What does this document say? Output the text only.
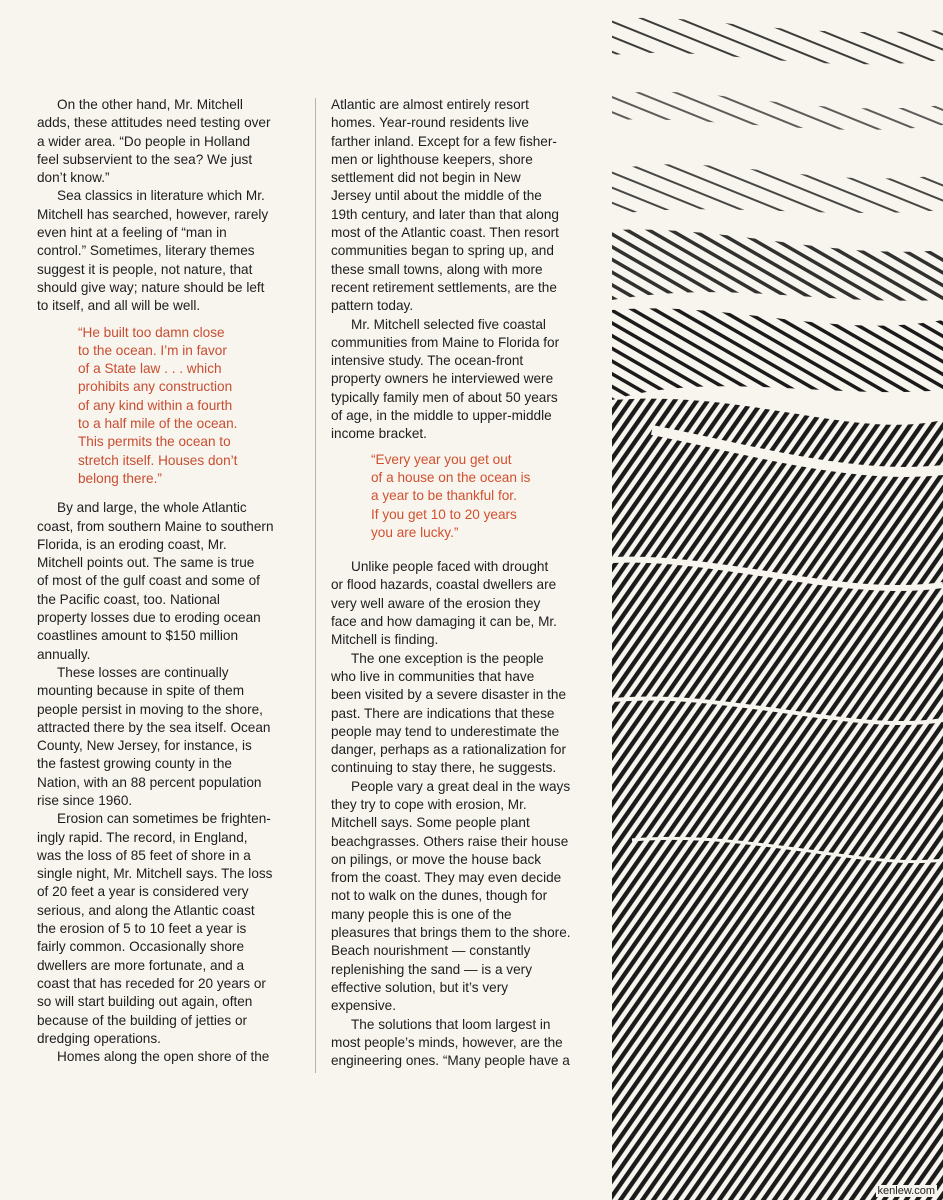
On the other hand, Mr. Mitchell
adds, these attitudes need testing over
a wider area. “Do people in Holland
feel subservient to the sea? We just
don’t know.”

Sea classics in literature which Mr.
Mitchell has searched, however, rarely
even hint at a feeling of “man in
control.” Sometimes, literary themes
suggest it is people, not nature, that
should give way; nature should be left
to itself, and all will be well.

“He built too damn close
to the ocean. I’m in favor
of a State law . . . which
prohibits any construction
of any kind within a fourth
to a half mile of the ocean.
This permits the ocean to
stretch itself. Houses don’t
belong there.”

By and large, the whole Atlantic
coast, from southern Maine to southern
Florida, is an eroding coast, Mr.
Mitchell points out. The same is true
of most of the gulf coast and some of
the Pacific coast, too. National
property losses due to eroding ocean
coastlines amount to $150 million
annually.

These losses are continually
mounting because in spite of them
people persist in moving to the shore,
attracted there by the sea itself. Ocean
County, New Jersey, for instance, is
the fastest growing county in the
Nation, with an 88 percent population
rise since 1960.

Erosion can sometimes be frighten-
ingly rapid. The record, in England,
was the loss of 85 feet of shore in a
single night, Mr. Mitchell says. The loss
of 20 feet a year is considered very
serious, and along the Atlantic coast
the erosion of 5 to 10 feet a year is
fairly common. Occasionally shore
dwellers are more fortunate, and a
coast that has receded for 20 years or
so will start building out again, often
because of the building of jetties or
dredging operations.

Homes along the open shore of the

Atlantic are almost entirely resort
homes. Year-round residents live
farther inland. Except for a few fisher-
men or lighthouse keepers, shore
settlement did not begin in New
Jersey until about the middle of the
19th century, and later than that along
most of the Atlantic coast. Then resort
communities began to spring up, and
these small towns, along with more
recent retirement settlements, are the
pattern today.

Mr. Mitchell selected five coastal
communities from Maine to Florida for
intensive study. The ocean-front
property owners he interviewed were
typically family men of about 50 years
of age, in the middle to upper-middle
income bracket.

“Every year you get out
of a house on the ocean is
a year to be thankful for.
If you get 10 to 20 years
you are lucky.”

Unlike people faced with drought
or flood hazards, coastal dwellers are
very well aware of the erosion they
face and how damaging it can be, Mr.
Mitchell is finding.

The one exception is the people
who live in communities that have
been visited by a severe disaster in the
past. There are indications that these
people may tend to underestimate the
danger, perhaps as a rationalization for
continuing to stay there, he suggests.

People vary a great deal in the ways
they try to cope with erosion, Mr.
Mitchell says. Some people plant
beachgrasses. Others raise their house
on pilings, or move the house back
from the coast. They may even decide
not to walk on the dunes, though for
many people this is one of the
pleasures that brings them to the shore.
Beach nourishment — constantly
replenishing the sand — is a very
effective solution, but it’s very
expensive.

The solutions that loom largest in
most people’s minds, however, are the
engineering ones. “Many people have a

kenlew.com
